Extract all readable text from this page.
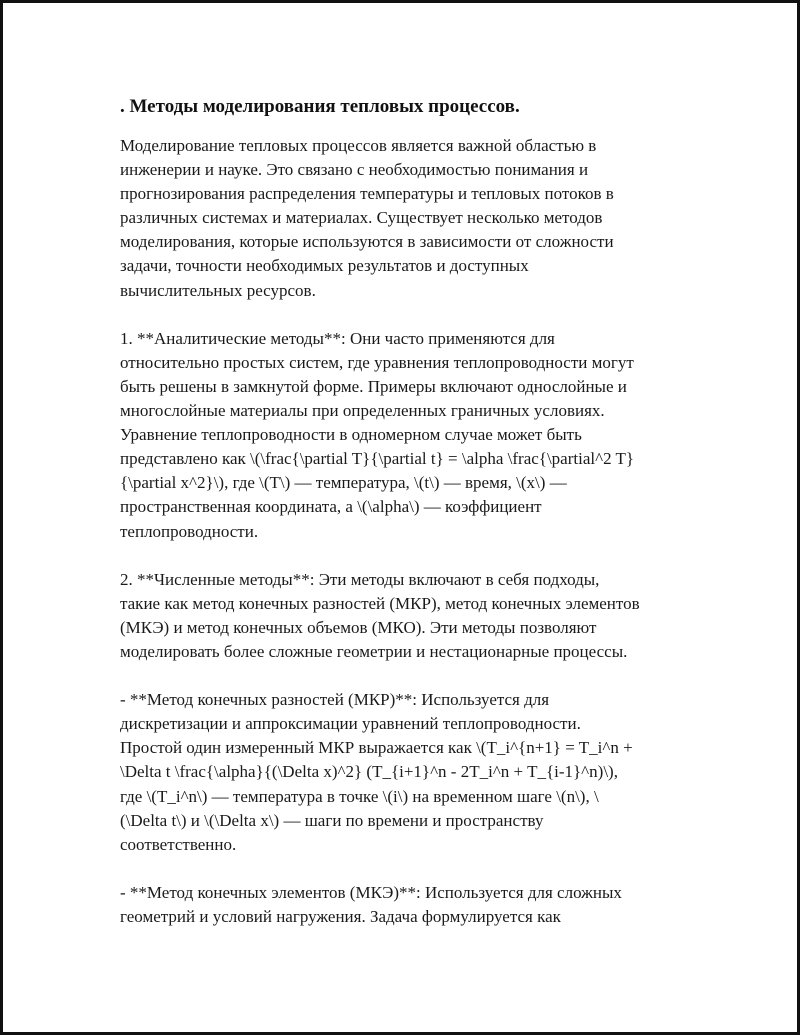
. Методы моделирования тепловых процессов.

Моделирование тепловых процессов является важной областью в
инженерии и науке. Это связано с необходимостью понимания и
прогнозирования распределения температуры и тепловых потоков в
различных системах и материалах. Существует несколько методов
моделирования, которые используются в зависимости от сложности
задачи, точности необходимых результатов и доступных
вычислительных ресурсов.

1. **Аналитические методы**: Они часто применяются для
относительно простых систем, где уравнения теплопроводности могут
быть решены в замкнутой форме. Примеры включают однослойные и
многослойные материалы при определенных граничных условиях.
Уравнение теплопроводности в одномерном случае может быть
представлено как \(\frac{\partial T}{\partial t} = \alpha \frac{\partial^2 T}
{\partial x^2}\), где \(T\) — температура, \(t\) — время, \(x\) —
пространственная координата, а \(\alpha\) — коэффициент
теплопроводности.

2. **Численные методы**: Эти методы включают в себя подходы,
такие как метод конечных разностей (МКР), метод конечных элементов
(МКЭ) и метод конечных объемов (МКО). Эти методы позволяют
моделировать более сложные геометрии и нестационарные процессы.

- **Метод конечных разностей (МКР)**: Используется для
дискретизации и аппроксимации уравнений теплопроводности.
Простой один измеренный МКР выражается как \(T_i^{n+1} = T_i^n +
\Delta t \frac{\alpha}{(\Delta x)^2} (T_{i+1}^n - 2T_i^n + T_{i-1}^n)\),
где \(T_i^n\) — температура в точке \(i\) на временном шаге \(n\), \
(\Delta t\) и \(\Delta x\) — шаги по времени и пространству
соответственно.

- **Метод конечных элементов (МКЭ)**: Используется для сложных
геометрий и условий нагружения. Задача формулируется как
